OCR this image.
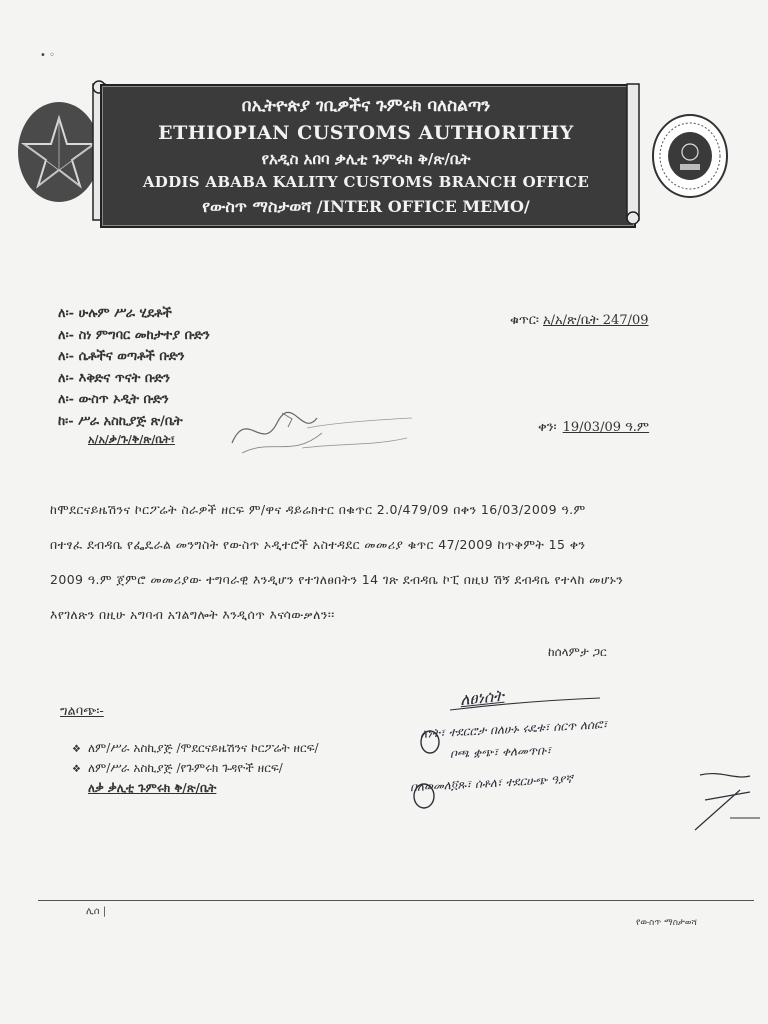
• ◦
በኢትዮጵያ ገቢዎችና ጉምሩክ ባለስልጣን
ETHIOPIAN CUSTOMS AUTHORITHY
የአዲስ አበባ ቃሊቲ ጉምሩክ ቅ/ጽ/ቤት
ADDIS ABABA KALITY CUSTOMS BRANCH OFFICE
የውስጥ ማስታወሻ /INTER OFFICE MEMO/
ለ፡- ሁሉም ሥራ ሂደቶች
ለ፡- ስነ ምግባር መከታተያ ቡድን
ለ፡- ሴቶችና ወጣቶች ቡድን
ለ፡- እቅድና ጥናት ቡድን
ለ፡- ውስጥ ኦዲት ቡድን
ከ፡- ሥራ አስኪያጅ ጽ/ቤት
አ/አ/ቃ/ጉ/ቅ/ጽ/ቤት፣
ቁጥር፡ አ/አ/ጽ/ቤት 247/09
ቀን፡ 19/03/09 ዓ.ም
ከሞደርናይዜሽንና ኮርፖሬት ስራዎች ዘርፍ ም/ዋና ዳይሬክተር በቁጥር 2.0/479/09 በቀን 16/03/2009 ዓ.ም
በተፃፈ ደብዳቤ የፌዴራል መንግስት የውስጥ ኦዲተሮች አስተዳደር መመሪያ ቁጥር 47/2009 ከጥቅምት 15 ቀን
2009 ዓ.ም ጀምሮ መመሪያው ተግባራዊ እንዲሆን የተገለፀበትን 14 ገጽ ደብዳቤ ኮፒ በዚህ ሽኝ ደብዳቤ የተላከ መሆኑን
እየገለጽን በዚሁ አግባብ አገልግሎት እንዲሰጥ እናሳውቃለን፡፡
ከሰላምታ ጋር
ግልባጭ፡-
❖ ለም/ሥራ አስኪያጅ /ሞደርናይዜሽንና ኮርፖሬት ዘርፍ/
❖ ለም/ሥራ አስኪያጅ /የጉምሩክ ጉዳዮች ዘርፍ/
ለቃ ቃሊቲ ጉምሩክ ቅ/ጽ/ቤት
ለፀነሰት
ለነት፣ ተደርሮታ በለሁኑ ሩዴቱ፣ ሰርጥ ለሰፎ፣
ቦጫ ቋጭ፣ ቀለመጥቡ፣
በለወመለ፬ጹ፣ ሰቶለ፣ ተደርሁጭ ዓያኛ
ሊሰ |
የውስጥ ማስታወሻ
